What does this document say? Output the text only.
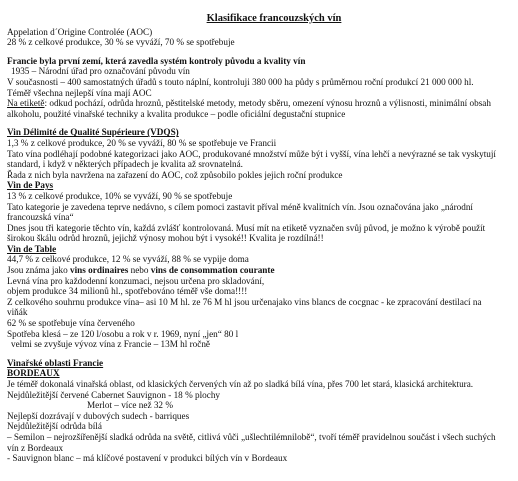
Klasifikace francouzských vín

Appelation d´Origine Controlée (AOC)

28 % z celkové produkce, 30 % se vyváží, 70 % se spotřebuje

Francie byla první zemí, která zavedla systém kontroly původu a kvality vín

1935 – Národní úřad pro označování původu vín

V současnosti – 400 samostatných úřadů s touto náplní, kontroluji 380 000 ha půdy s průměrnou roční produkcí 21 000 000 hl.

Téměř všechna nejlepší vína mají AOC

Na etiketě: odkud pochází, odrůda hroznů, pěstitelské metody, metody sběru, omezení výnosu hroznů a výlisnosti, minimální obsah alkoholu, použité vinařské techniky a kvalita produkce – podle oficiální degustační stupnice

Vin Délimité de Qualité Supérieure (VDQS)

1,3 % z celkové produkce, 20 % se vyváží, 80 % se spotřebuje ve Francii

Tato vína podléhají podobné kategorizaci jako AOC, produkované množství může být i vyšší, vína lehčí a nevýrazné se tak vyskytují

standard, i když v některých případech je kvalita až srovnatelná.

Řada z nich byla navržena na zařazení do AOC, což způsobilo pokles jejich roční produkce

Vin de Pays

13 % z celkové produkce, 10% se vyváží, 90 % se spotřebuje

Tato kategorie je zavedena teprve nedávno, s cílem pomoci zastavit příval méně kvalitních vín. Jsou označována jako „národní

francouzská vína“

Dnes jsou tři kategorie těchto vín, každá zvlášť kontrolovaná. Musí mít na etiketě vyznačen svůj původ, je možno k výrobě použít

širokou škálu odrůd hroznů, jejichž výnosy mohou být i vysoké!! Kvalita je rozdílná!!

Vin de Table

44,7 % z celkové produkce, 12 % se vyváží, 88 % se vypije doma

Jsou známa jako vins ordinaires nebo vins de consommation courante

Levná vína pro každodenní konzumaci, nejsou určena pro skladování,

objem produkce 34 milionů hl., spotřebováno téměř vše doma!!!!

Z celkového souhrnu produkce vína– asi 10 M hl. ze 76 M hl jsou určenajako vins blancs de cocgnac - ke zpracování destilací na

viňák

62 % se spotřebuje vína červeného

Spotřeba klesá – ze 120 l/osobu a rok v r. 1969, nyní „jen“ 80 l

velmi se zvyšuje vývoz vína z Francie – 13M hl ročně

Vinařské oblasti Francie

BORDEAUX

Je téměř dokonalá vinařská oblast, od klasických červených vín až po sladká bílá vína, přes 700 let stará, klasická architektura.

Nejdůležitější červené Cabernet Sauvignon - 18 % plochy

Merlot – více než 32 %

Nejlepší dozrávají v dubových sudech - barriques

Nejdůležitější odrůda bílá

– Semilon – nejrozšířenější sladká odrůda na světě, citlivá vůči „ušlechtilémnilobě“, tvoří téměř pravidelnou součást i všech suchých

vín z Bordeaux

- Sauvignon blanc – má klíčové postavení v produkci bílých vín v Bordeaux
